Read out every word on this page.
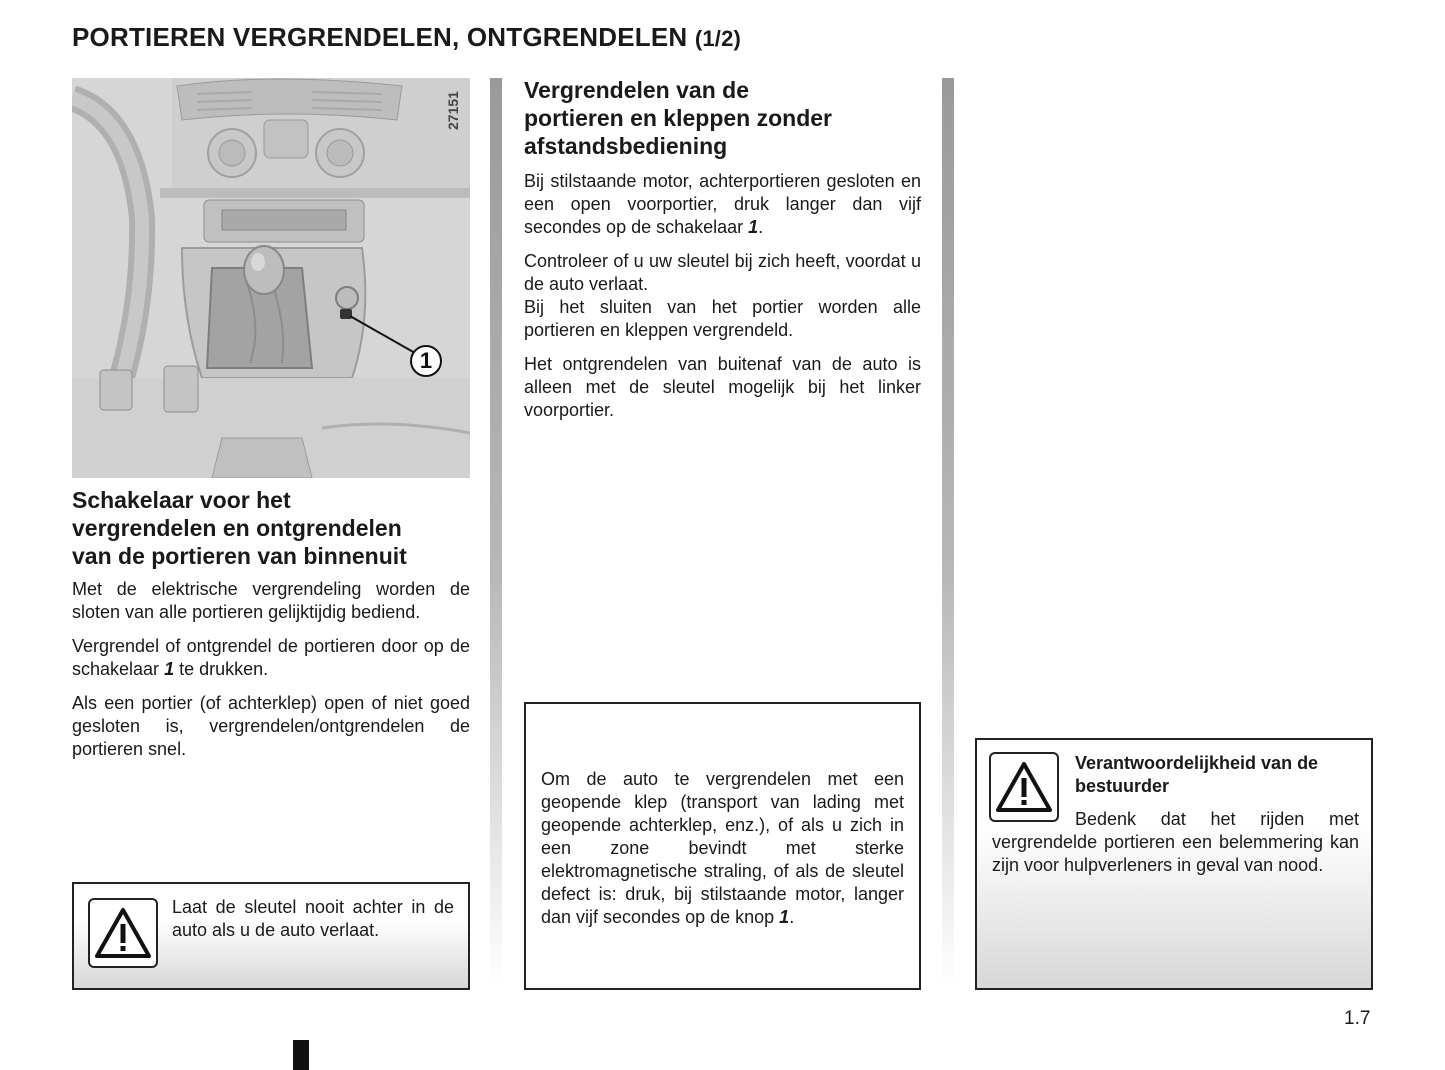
PORTIEREN VERGRENDELEN, ONTGRENDELEN (1/2)
1
27151
Schakelaar voor het
vergrendelen en ontgrendelen
van de portieren van binnenuit

Met de elektrische vergrendeling worden de sloten van alle portieren gelijktijdig bediend.

Vergrendel of ontgrendel de portieren door op de schakelaar 1 te drukken.

Als een portier (of achterklep) open of niet goed gesloten is, vergrendelen/ontgrendelen de portieren snel.

Laat de sleutel nooit achter in de auto als u de auto verlaat.

Vergrendelen van de
portieren en kleppen zonder
afstandsbediening

Bij stilstaande motor, achterportieren gesloten en een open voorportier, druk langer dan vijf secondes op de schakelaar 1.

Controleer of u uw sleutel bij zich heeft, voordat u de auto verlaat.
Bij het sluiten van het portier worden alle portieren en kleppen vergrendeld.

Het ontgrendelen van buitenaf van de auto is alleen met de sleutel mogelijk bij het linker voorportier.

Om de auto te vergrendelen met een geopende klep (transport van lading met geopende achterklep, enz.), of als u zich in een zone bevindt met sterke elektromagnetische straling, of als de sleutel defect is: druk, bij stilstaande motor, langer dan vijf secondes op de knop 1.

Verantwoordelijkheid van de bestuurder

Bedenk dat het rijden met vergrendelde portieren een belemmering kan zijn voor hulpverleners in geval van nood.

1.7
